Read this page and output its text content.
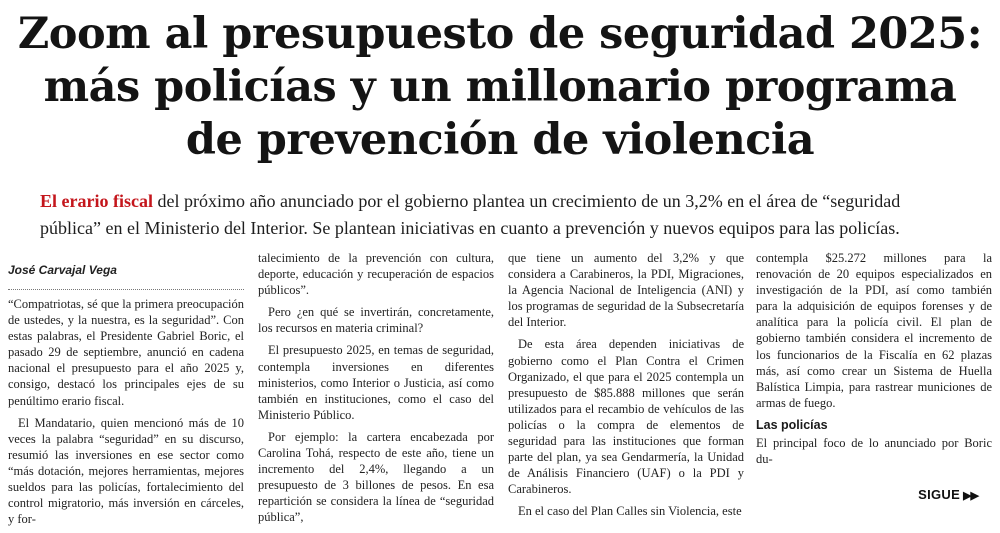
Zoom al presupuesto de seguridad 2025:
más policías y un millonario programa
de prevención de violencia
El erario fiscal del próximo año anunciado por el gobierno plantea un crecimiento de un 3,2% en el área de “seguridad pública” en el Ministerio del Interior. Se plantean iniciativas en cuanto a prevención y nuevos equipos para las policías.
José Carvajal Vega

“Compatriotas, sé que la primera preocupación de ustedes, y la nuestra, es la seguridad”. Con estas palabras, el Presidente Gabriel Boric, el pasado 29 de septiembre, anunció en cadena nacional el presupuesto para el año 2025 y, consigo, destacó los principales ejes de su penúltimo erario fiscal.

El Mandatario, quien mencionó más de 10 veces la palabra “seguridad” en su discurso, resumió las inversiones en ese sector como “más dotación, mejores herramientas, mejores sueldos para las policías, fortalecimiento del control migratorio, más inversión en cárceles, y for-

talecimiento de la prevención con cultura, deporte, educación y recuperación de espacios públicos”.

Pero ¿en qué se invertirán, concretamente, los recursos en materia criminal?

El presupuesto 2025, en temas de seguridad, contempla inversiones en diferentes ministerios, como Interior o Justicia, así como también en instituciones, como el caso del Ministerio Público.

Por ejemplo: la cartera encabezada por Carolina Tohá, respecto de este año, tiene un incremento del 2,4%, llegando a un presupuesto de 3 billones de pesos. En esa repartición se considera la línea de “seguridad pública”,

que tiene un aumento del 3,2% y que considera a Carabineros, la PDI, Migraciones, la Agencia Nacional de Inteligencia (ANI) y los programas de seguridad de la Subsecretaría del Interior.

De esta área dependen iniciativas de gobierno como el Plan Contra el Crimen Organizado, el que para el 2025 contempla un presupuesto de $85.888 millones que serán utilizados para el recambio de vehículos de las policías o la compra de elementos de seguridad para las instituciones que forman parte del plan, ya sea Gendarmería, la Unidad de Análisis Financiero (UAF) o la PDI y Carabineros.

En el caso del Plan Calles sin Violencia, este

contempla $25.272 millones para la renovación de 20 equipos especializados en investigación de la PDI, así como también para la adquisición de equipos forenses y de analítica para la policía civil. El plan de gobierno también considera el incremento de los funcionarios de la Fiscalía en 62 plazas más, así como crear un Sistema de Huella Balística Limpia, para rastrear municiones de armas de fuego.

Las policías

El principal foco de lo anunciado por Boric du-

SIGUE ▶▶
